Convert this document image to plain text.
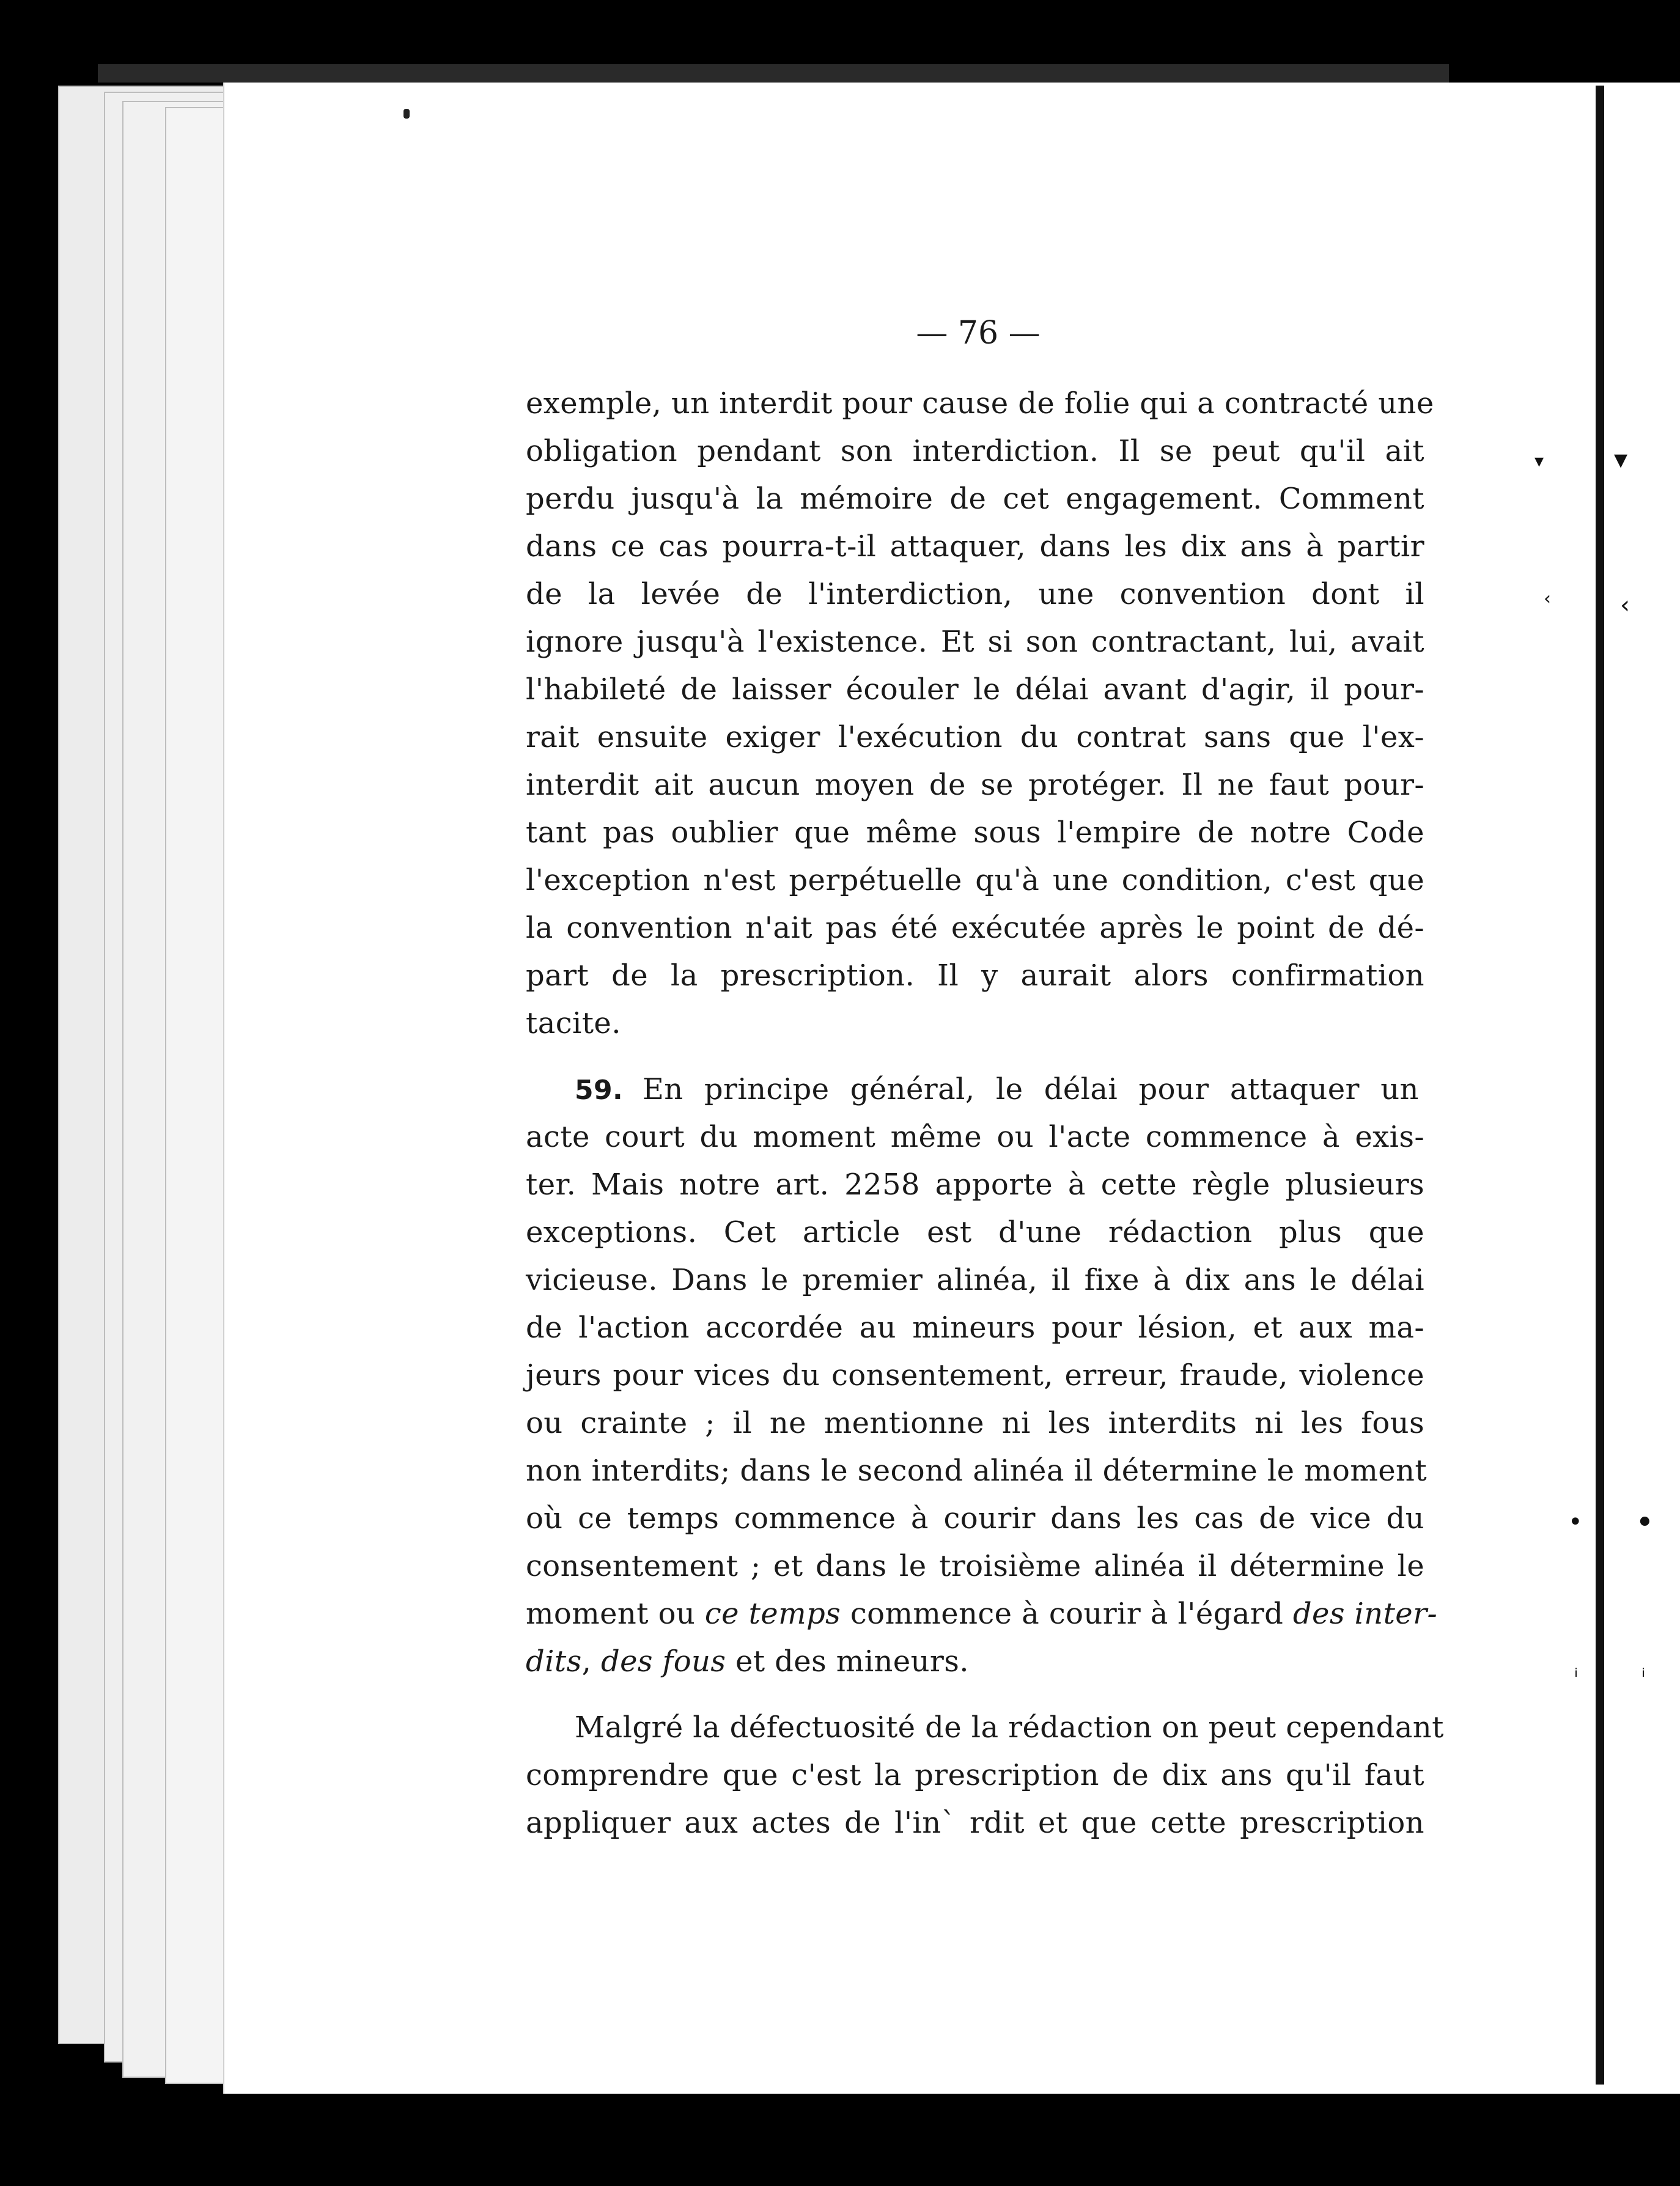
▾	▾
‹	‹
• •
ᵢ	ᵢ
— 76 —
exemple, un interdit pour cause de folie qui a contracté une
obligation pendant son interdiction. Il se peut qu'il ait
perdu jusqu'à la mémoire de cet engagement. Comment
dans ce cas pourra-t-il attaquer, dans les dix ans à partir
de la levée de l'interdiction, une convention dont il
ignore jusqu'à l'existence. Et si son contractant, lui, avait
l'habileté de laisser écouler le délai avant d'agir, il pour-
rait ensuite exiger l'exécution du contrat sans que l'ex-
interdit ait aucun moyen de se protéger. Il ne faut pour-
tant pas oublier que même sous l'empire de notre Code
l'exception n'est perpétuelle qu'à une condition, c'est que
la convention n'ait pas été exécutée après le point de dé-
part de la prescription. Il y aurait alors confirmation
tacite.
59. En principe général, le délai pour attaquer un
acte court du moment même ou l'acte commence à exis-
ter. Mais notre art. 2258 apporte à cette règle plusieurs
exceptions. Cet article est d'une rédaction plus que
vicieuse. Dans le premier alinéa, il fixe à dix ans le délai
de l'action accordée au mineurs pour lésion, et aux ma-
jeurs pour vices du consentement, erreur, fraude, violence
ou crainte ; il ne mentionne ni les interdits ni les fous
non interdits; dans le second alinéa il détermine le moment
où ce temps commence à courir dans les cas de vice du
consentement ; et dans le troisième alinéa il détermine le
moment ou ce temps commence à courir à l'égard des inter-
dits, des fous et des mineurs.
Malgré la défectuosité de la rédaction on peut cependant
comprendre que c'est la prescription de dix ans qu'il faut
appliquer aux actes de l'in` rdit et que cette prescription
